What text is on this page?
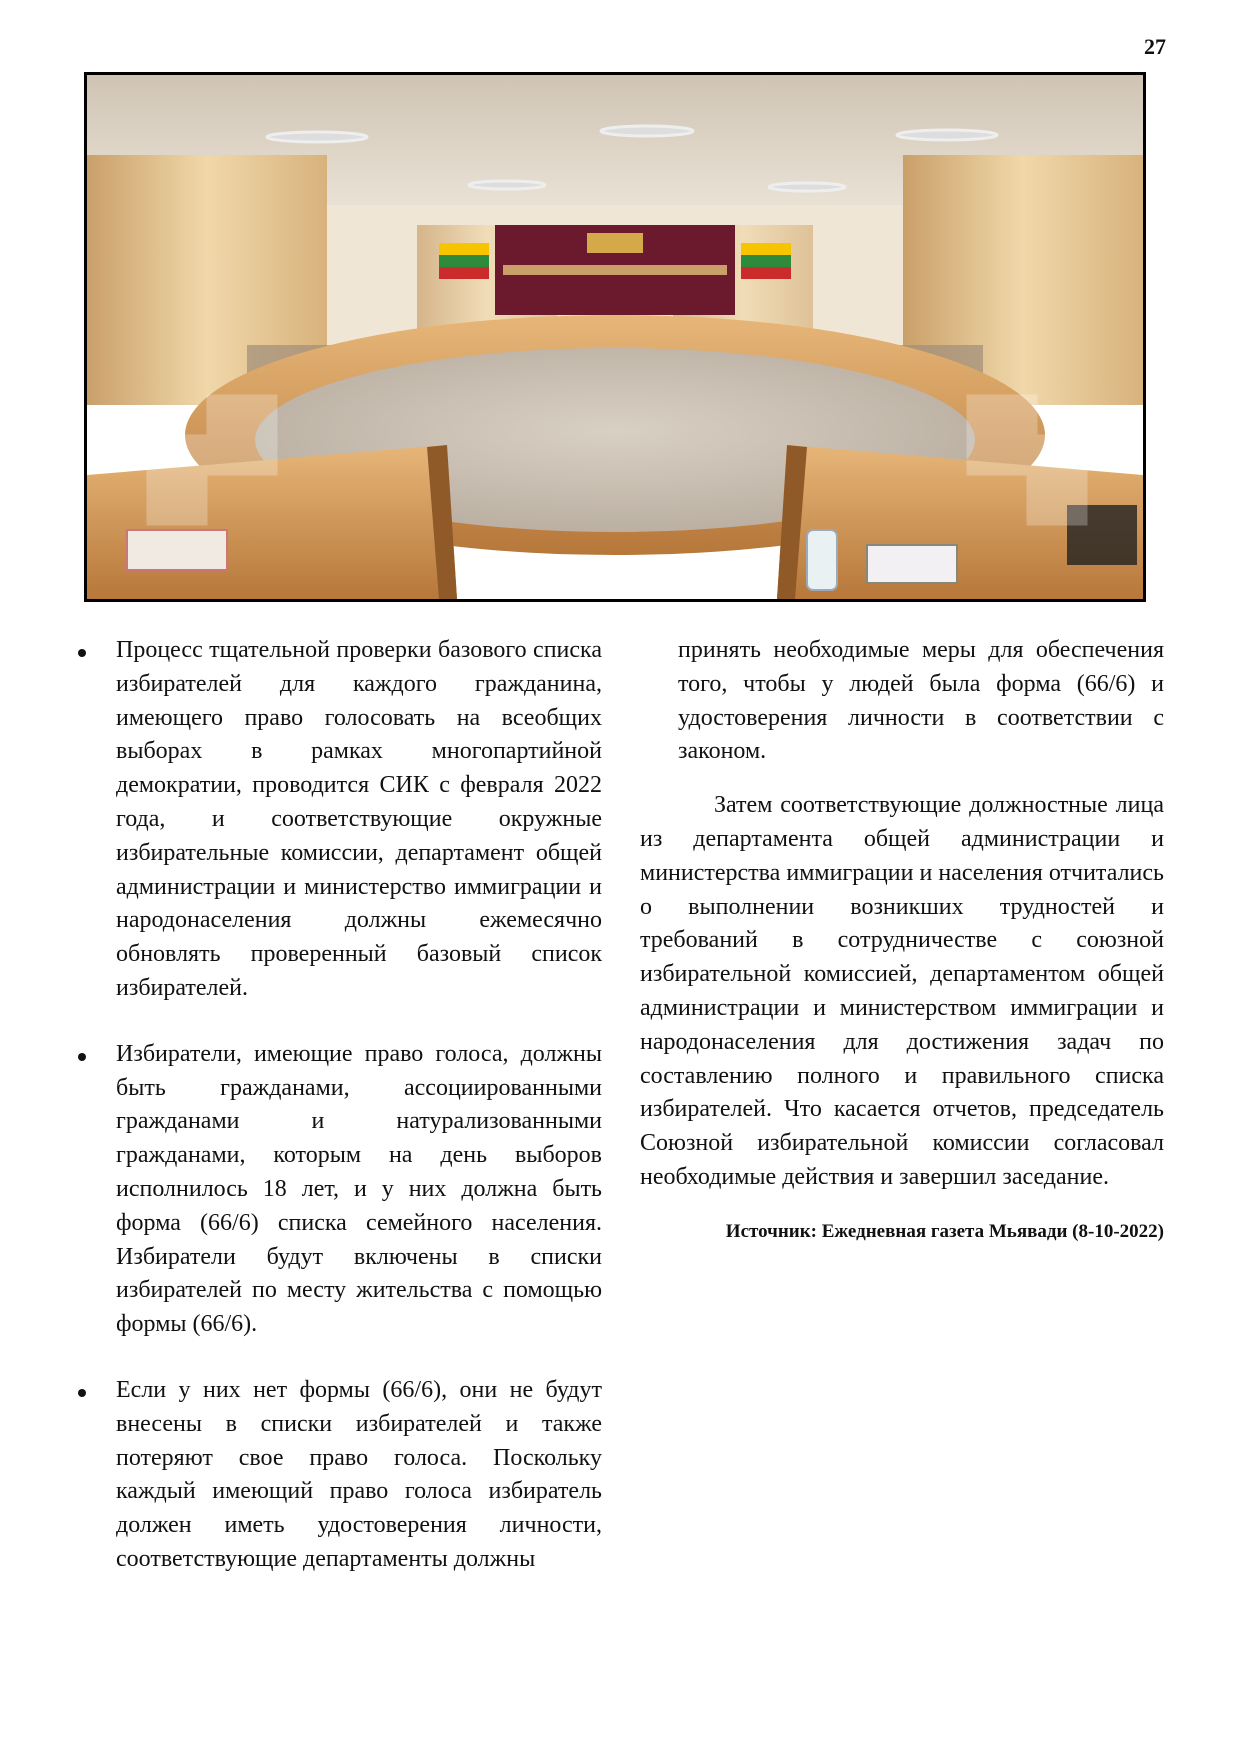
27
Процесс тщательной проверки базового списка избирателей для каждого гражданина, имеющего право голосовать на всеобщих выборах в рамках многопартийной демократии, проводится СИК с февраля 2022 года, и соответствующие окружные избирательные комиссии, департамент общей администрации и министерство иммиграции и народонаселения должны ежемесячно обновлять проверенный базовый список избирателей.
Избиратели, имеющие право голоса, должны быть гражданами, ассоциированными гражданами и натурализованными гражданами, которым на день выборов исполнилось 18 лет, и у них должна быть форма (66/6) списка семейного населения. Избиратели будут включены в списки избирателей по месту жительства с помощью формы (66/6).
Если у них нет формы (66/6), они не будут внесены в списки избирателей и также потеряют свое право голоса. Поскольку каждый имеющий право голоса избиратель должен иметь удостоверения личности, соответствующие департаменты должны

принять необходимые меры для обеспечения того, чтобы у людей была форма (66/6) и удостоверения личности в соответствии с законом.

Затем соответствующие должностные лица из департамента общей администрации и министерства иммиграции и населения отчитались о выполнении возникших трудностей и требований в сотрудничестве с союзной избирательной комиссией, департаментом общей администрации и министерством иммиграции и народонаселения для достижения задач по составлению полного и правильного списка избирателей. Что касается отчетов, председатель Союзной избирательной комиссии согласовал необходимые действия и завершил заседание.

Источник: Ежедневная газета Мьявади (8-10-2022)
